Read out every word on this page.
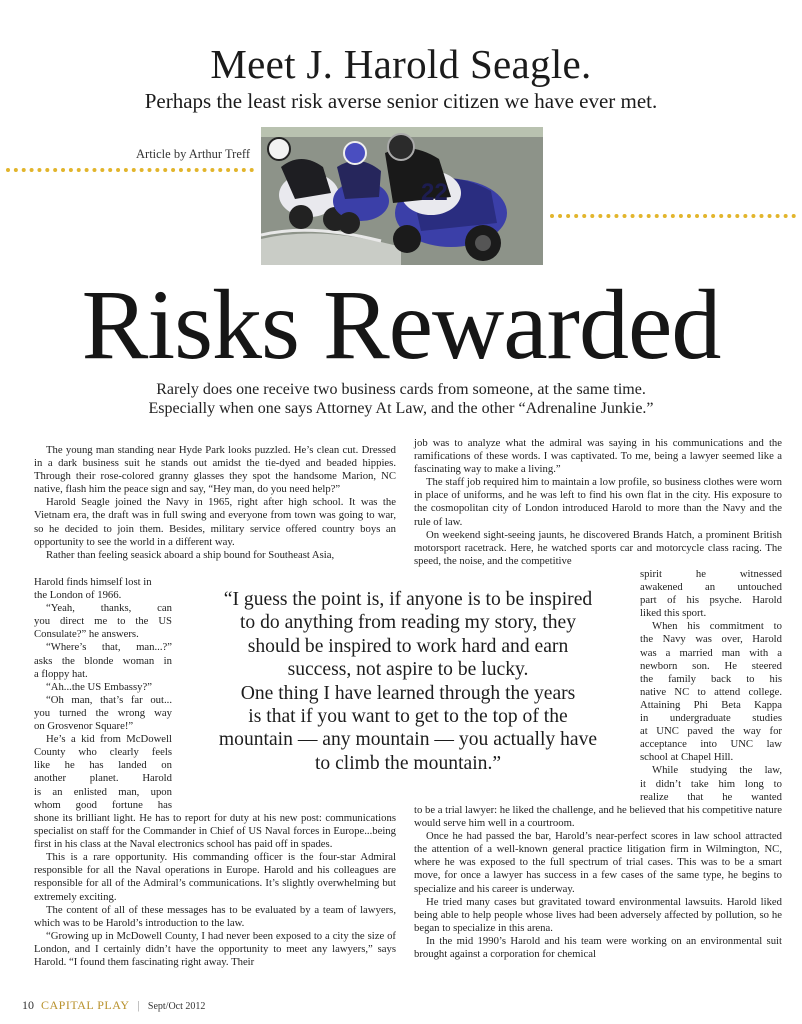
Meet J. Harold Seagle.
Perhaps the least risk averse senior citizen we have ever met.
Article by Arthur Treff
22
Risks Rewarded
Rarely does one receive two business cards from someone, at the same time.
Especially when one says Attorney At Law, and the other “Adrenaline Junkie.”

The young man standing near Hyde Park looks puzzled. He’s clean cut. Dressed in a dark business suit he stands out amidst the tie-dyed and beaded hippies. Through their rose-colored granny glasses they spot the handsome Marion, NC native, flash him the peace sign and say, “Hey man, do you need help?”

Harold Seagle joined the Navy in 1965, right after high school. It was the Vietnam era, the draft was in full swing and everyone from town was going to war, so he decided to join them. Besides, military service offered country boys an opportunity to see the world in a different way.

Rather than feeling seasick aboard a ship bound for Southeast Asia,

Harold finds himself lost in
the London of 1966.
“Yeah, thanks, can
you direct me to the US
Consulate?” he answers.
“Where’s that, man...?”
asks the blonde woman in
a floppy hat.
“Ah...the US Embassy?”
“Oh man, that’s far out...
you turned the wrong way
on Grosvenor Square!”
He’s a kid from McDowell
County who clearly feels
like he has landed on
another planet. Harold
is an enlisted man, upon
whom good fortune has

shone its brilliant light. He has to report for duty at his new post: communications specialist on staff for the Commander in Chief of US Naval forces in Europe...being first in his class at the Naval electronics school has paid off in spades.

This is a rare opportunity. His commanding officer is the four-star Admiral responsible for all the Naval operations in Europe. Harold and his colleagues are responsible for all of the Admiral’s communications. It’s slightly overwhelming but extremely exciting.

The content of all of these messages has to be evaluated by a team of lawyers, which was to be Harold’s introduction to the law.

“Growing up in McDowell County, I had never been exposed to a city the size of London, and I certainly didn’t have the opportunity to meet any lawyers,” says Harold. “I found them fascinating right away. Their

job was to analyze what the admiral was saying in his communications and the ramifications of these words. I was captivated. To me, being a lawyer seemed like a fascinating way to make a living.”

The staff job required him to maintain a low profile, so business clothes were worn in place of uniforms, and he was left to find his own flat in the city. His exposure to the cosmopolitan city of London introduced Harold to more than the Navy and the rule of law.

On weekend sight-seeing jaunts, he discovered Brands Hatch, a prominent British motorsport racetrack. Here, he watched sports car and motorcycle class racing. The speed, the noise, and the competitive

spirit he witnessed
awakened an untouched
part of his psyche. Harold
liked this sport.
When his commitment to
the Navy was over, Harold
was a married man with a
newborn son. He steered
the family back to his
native NC to attend college.
Attaining Phi Beta Kappa
in undergraduate studies
at UNC paved the way for
acceptance into UNC law
school at Chapel Hill.
While studying the law,
it didn’t take him long to
realize that he wanted

to be a trial lawyer: he liked the challenge, and he believed that his competitive nature would serve him well in a courtroom.

Once he had passed the bar, Harold’s near-perfect scores in law school attracted the attention of a well-known general practice litigation firm in Wilmington, NC, where he was exposed to the full spectrum of trial cases. This was to be a smart move, for once a lawyer has success in a few cases of the same type, he begins to specialize and his career is underway.

He tried many cases but gravitated toward environmental lawsuits. Harold liked being able to help people whose lives had been adversely affected by pollution, so he began to specialize in this arena.

In the mid 1990’s Harold and his team were working on an environmental suit brought against a corporation for chemical

“I guess the point is, if anyone is to be inspired
to do anything from reading my story, they
should be inspired to work hard and earn
success, not aspire to be lucky.
One thing I have learned through the years
is that if you want to get to the top of the
mountain — any mountain — you actually have
to climb the mountain.”
10 CAPITAL PLAY | Sept/Oct 2012
